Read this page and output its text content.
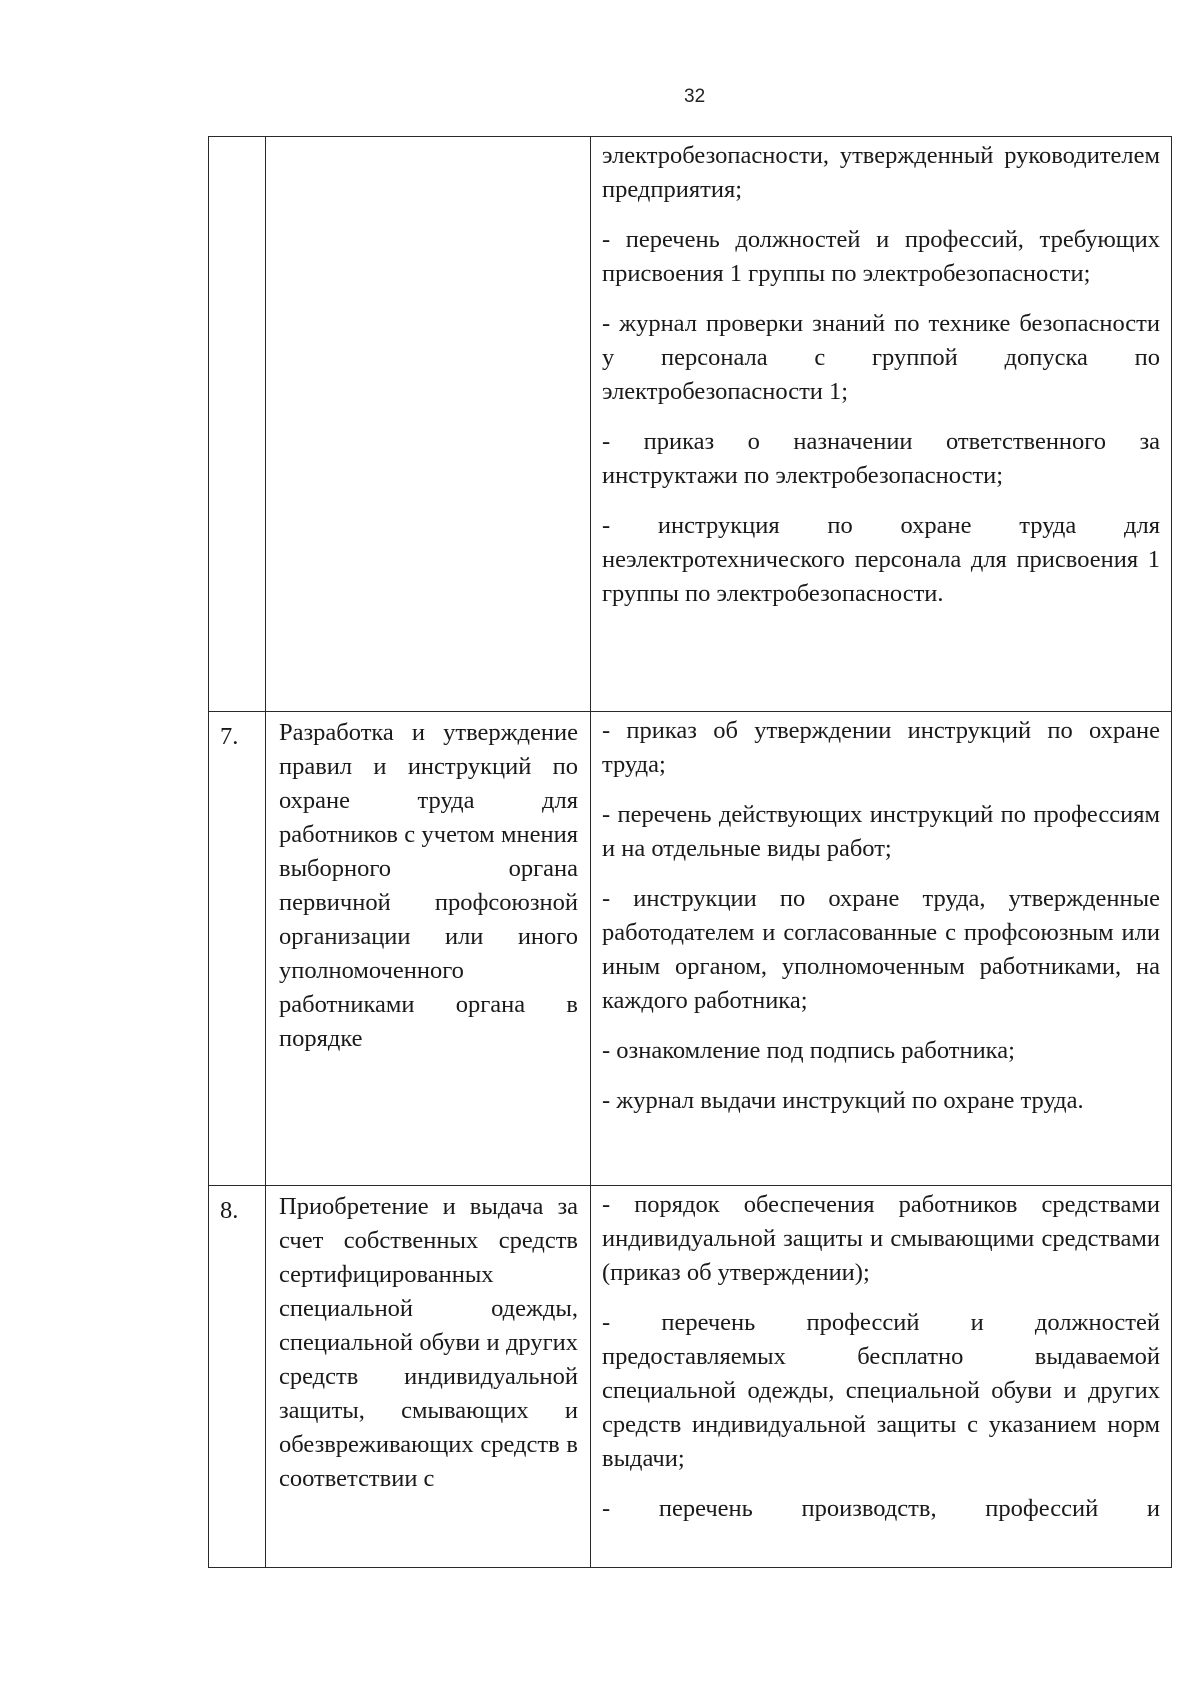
32

электробезопасности, утвержденный руководителем предприятия;

- перечень должностей и профессий, требующих присвоения 1 группы по электробезопасности;

- журнал проверки знаний по технике безопасности у персонала с группой допуска по электробезопасности 1;

- приказ о назначении ответственного за инструктажи по электробезопасности;

- инструкция по охране труда для неэлектротехнического персонала для присвоения 1 группы по электробезопасности.

7.	Разработка и утверждение правил и инструкций по охране труда для работников с учетом мнения выборного органа первичной профсоюзной организации или иного уполномоченного работниками органа в порядке

- приказ об утверждении инструкций по охране труда;

- перечень действующих инструкций по профессиям и на отдельные виды работ;

- инструкции по охране труда, утвержденные работодателем и согласованные с профсоюзным или иным органом, уполномоченным работниками, на каждого работника;

- ознакомление под подпись работника;

- журнал выдачи инструкций по охране труда.

8.	Приобретение и выдача за счет собственных средств сертифицированных специальной одежды, специальной обуви и других средств индивидуальной защиты, смывающих и обезвреживающих средств в соответствии с

- порядок обеспечения работников средствами индивидуальной защиты и смывающими средствами (приказ об утверждении);

- перечень профессий и должностей предоставляемых бесплатно выдаваемой специальной одежды, специальной обуви и других средств индивидуальной защиты с указанием норм выдачи;

- перечень производств, профессий и
